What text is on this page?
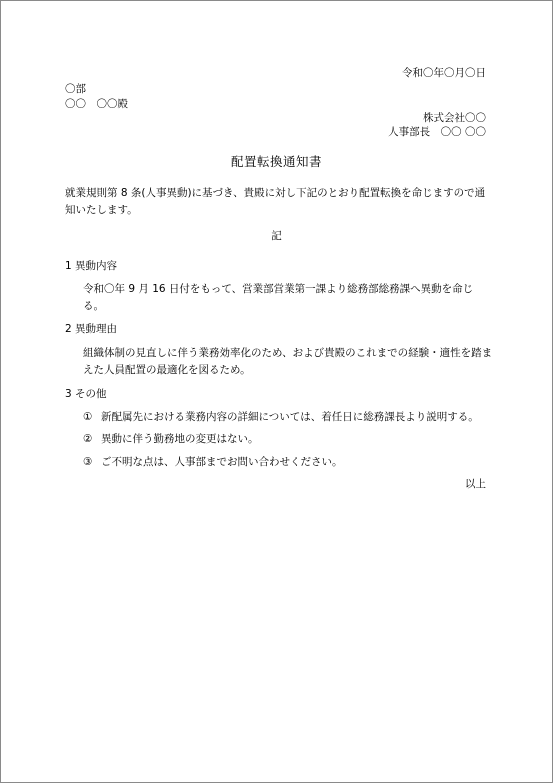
令和〇年〇月〇日
〇部
〇〇　〇〇殿
株式会社〇〇
人事部長　〇〇 〇〇
配置転換通知書
就業規則第 8 条(人事異動)に基づき、貴殿に対し下記のとおり配置転換を命じますので通知いたします。
記
1 異動内容
令和〇年 9 月 16 日付をもって、営業部営業第一課より総務部総務課へ異動を命じる。
2 異動理由
組織体制の見直しに伴う業務効率化のため、および貴殿のこれまでの経験・適性を踏まえた人員配置の最適化を図るため。
3 その他
① 新配属先における業務内容の詳細については、着任日に総務課長より説明する。
② 異動に伴う勤務地の変更はない。
③ ご不明な点は、人事部までお問い合わせください。
以上
